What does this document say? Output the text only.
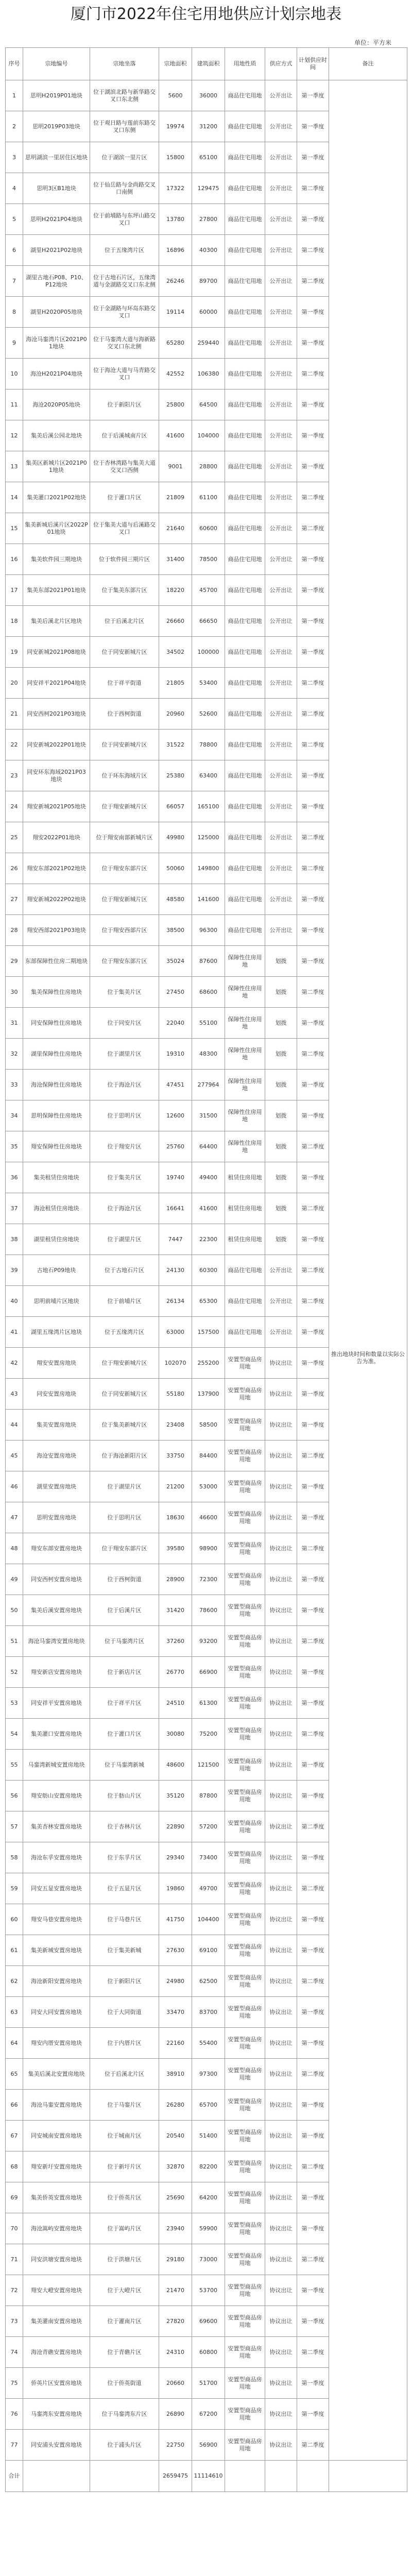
厦门市2022年住宅用地供应计划宗地表
单位：平方米
序号	宗地编号	宗地坐落	宗地面积	建筑面积	用地性质	供应方式	计划供应时间	备注
1	思明H2019P01地块	位于湖滨北路与新华路交叉口东北侧	5600	36000	商品住宅用地	公开出让	第一季度	推出地块时间和数量以实际公告为准。

2	思明2019P03地块	位于观日路与莲前东路交叉口东侧	19974	31200	商品住宅用地	公开出让	第一季度	
3	思明湖滨一里居住区地块	位于湖滨一里片区	15800	65100	商品住宅用地	公开出让	第一季度	
4	思明3区B1地块	位于仙岳路与金尚路交叉口南侧	17322	129475	商品住宅用地	公开出让	第二季度	
5	思明H2021P04地块	位于前埔路与东坪山路交叉口	13780	27800	商品住宅用地	公开出让	第一季度	
6	湖里H2021P02地块	位于五缘湾片区	16896	40300	商品住宅用地	公开出让	第二季度	
7	湖里古地石P08、P10、P12地块	位于古地石片区，五缘湾道与金湖路交叉口东北侧	26246	89700	商品住宅用地	公开出让	第二季度	
8	湖里H2020P05地块	位于金湖路与环岛东路交叉口	19114	60000	商品住宅用地	公开出让	第一季度	
9	海沧马銮湾片区2021P01地块	位于马銮湾大道与海新路交叉口东北侧	65280	259440	商品住宅用地	公开出让	第一季度	
10	海沧H2021P04地块	位于海沧大道与马青路交叉口	42552	106380	商品住宅用地	公开出让	第二季度	
11	海沧2020P05地块	位于新阳片区	25800	64500	商品住宅用地	公开出让	第一季度	
12	集美后溪公园北地块	位于后溪城南片区	41600	104000	商品住宅用地	公开出让	第一季度	
13	集美区新城片区2021P01地块	位于杏林湾路与集美大道交叉口西侧	9001	28800	商品住宅用地	公开出让	第一季度	
14	集美灌口2021P02地块	位于灌口片区	21809	61100	商品住宅用地	公开出让	第二季度	
15	集美新城后溪片区2022P01地块	位于集美大道与后溪路交叉口	21640	60600	商品住宅用地	公开出让	第二季度	
16	集美软件园三期地块	位于软件园三期片区	31400	78500	商品住宅用地	公开出让	第一季度	
17	集美东部2021P01地块	位于集美东部片区	18220	45700	商品住宅用地	公开出让	第一季度	
18	集美后溪北片区地块	位于后溪北片区	26660	66650	商品住宅用地	公开出让	第一季度	
19	同安新城2021P08地块	位于同安新城片区	34502	100000	商品住宅用地	公开出让	第一季度	
20	同安祥平2021P04地块	位于祥平街道	21805	53400	商品住宅用地	公开出让	第二季度	
21	同安西柯2021P03地块	位于西柯街道	20960	52600	商品住宅用地	公开出让	第二季度	
22	同安新城2022P01地块	位于同安新城片区	31522	78800	商品住宅用地	公开出让	第二季度	
23	同安环东海域2021P03地块	位于环东海域片区	25380	63400	商品住宅用地	公开出让	第一季度	
24	翔安新城2021P05地块	位于翔安新城片区	66057	165100	商品住宅用地	公开出让	第一季度	
25	翔安2022P01地块	位于翔安南部新城片区	49980	125000	商品住宅用地	公开出让	第二季度	
26	翔安东部2021P02地块	位于翔安东部片区	50060	149800	商品住宅用地	公开出让	第二季度	
27	翔安新城2022P02地块	位于翔安新城片区	48580	141600	商品住宅用地	公开出让	第一季度	
28	翔安西部2021P03地块	位于翔安西部片区	38500	96300	商品住宅用地	公开出让	第一季度	
29	东部保障性住房二期地块	位于翔安东部片区	35024	87600	保障性住房用地	划拨	第一季度	
30	集美保障性住房地块	位于集美片区	27450	68600	保障性住房用地	划拨	第二季度	
31	同安保障性住房地块	位于同安片区	22040	55100	保障性住房用地	划拨	第一季度	
32	湖里保障性住房地块	位于湖里片区	19310	48300	保障性住房用地	划拨	第二季度	
33	海沧保障性住房地块	位于海沧片区	47451	277964	保障性住房用地	划拨	第一季度	
34	思明保障性住房地块	位于思明片区	12600	31500	保障性住房用地	划拨	第一季度	
35	翔安保障性住房地块	位于翔安片区	25760	64400	保障性住房用地	划拨	第二季度	
36	集美租赁住房地块	位于集美片区	19740	49400	租赁住房用地	划拨	第一季度	
37	海沧租赁住房地块	位于海沧片区	16641	41600	租赁住房用地	划拨	第二季度	
38	湖里租赁住房地块	位于湖里片区	7447	22300	租赁住房用地	划拨	第一季度	
39	古地石P09地块	位于古地石片区	24130	60300	商品住宅用地	公开出让	第二季度	
40	思明前埔片区地块	位于前埔片区	26134	65300	商品住宅用地	公开出让	第二季度	
41	湖里五缘湾片区地块	位于五缘湾片区	63000	157500	商品住宅用地	公开出让	第一季度	
42	翔安安置房地块	位于翔安新城片区	102070	255200	安置型商品房用地	协议出让	第一季度	
43	同安安置房地块	位于同安新城片区	55180	137900	安置型商品房用地	协议出让	第一季度	
44	集美安置房地块	位于集美新城片区	23408	58500	安置型商品房用地	协议出让	第一季度	
45	海沧安置房地块	位于海沧新阳片区	33750	84400	安置型商品房用地	协议出让	第二季度	
46	湖里安置房地块	位于湖里片区	21200	53000	安置型商品房用地	协议出让	第一季度	
47	思明安置房地块	位于思明片区	18630	46600	安置型商品房用地	协议出让	第一季度	
48	翔安东部安置房地块	位于翔安东部片区	39580	98900	安置型商品房用地	协议出让	第二季度	
49	同安西柯安置房地块	位于西柯街道	28900	72300	安置型商品房用地	协议出让	第一季度	
50	集美后溪安置房地块	位于后溪片区	31420	78600	安置型商品房用地	协议出让	第一季度	
51	海沧马銮湾安置房地块	位于马銮湾片区	37260	93200	安置型商品房用地	协议出让	第二季度	
52	翔安新店安置房地块	位于新店片区	26770	66900	安置型商品房用地	协议出让	第一季度	
53	同安祥平安置房地块	位于祥平片区	24510	61300	安置型商品房用地	协议出让	第一季度	
54	集美灌口安置房地块	位于灌口片区	30080	75200	安置型商品房用地	协议出让	第二季度	
55	马銮湾新城安置房地块	位于马銮湾新城	48600	121500	安置型商品房用地	协议出让	第一季度	
56	翔安舫山安置房地块	位于舫山片区	35120	87800	安置型商品房用地	协议出让	第一季度	
57	集美杏林安置房地块	位于杏林片区	22890	57200	安置型商品房用地	协议出让	第二季度	
58	海沧东孚安置房地块	位于东孚片区	29340	73400	安置型商品房用地	协议出让	第一季度	
59	同安五显安置房地块	位于五显片区	19860	49700	安置型商品房用地	协议出让	第二季度	
60	翔安马巷安置房地块	位于马巷片区	41750	104400	安置型商品房用地	协议出让	第一季度	
61	集美新城安置房地块	位于集美新城	27630	69100	安置型商品房用地	协议出让	第一季度	
62	海沧新阳安置房地块	位于新阳片区	24980	62500	安置型商品房用地	协议出让	第二季度	
63	同安大同安置房地块	位于大同街道	33470	83700	安置型商品房用地	协议出让	第一季度	
64	翔安内厝安置房地块	位于内厝片区	22160	55400	安置型商品房用地	协议出让	第一季度	
65	集美后溪北安置房地块	位于后溪北片区	38910	97300	安置型商品房用地	协议出让	第二季度	
66	海沧马銮安置房地块	位于马銮片区	26280	65700	安置型商品房用地	协议出让	第一季度	
67	同安城南安置房地块	位于城南片区	20540	51400	安置型商品房用地	协议出让	第一季度	
68	翔安新圩安置房地块	位于新圩片区	32870	82200	安置型商品房用地	协议出让	第二季度	
69	集美侨英安置房地块	位于侨英片区	25690	64200	安置型商品房用地	协议出让	第一季度	
70	海沧嵩屿安置房地块	位于嵩屿片区	23940	59900	安置型商品房用地	协议出让	第一季度	
71	同安洪塘安置房地块	位于洪塘片区	29180	73000	安置型商品房用地	协议出让	第二季度	
72	翔安大嶝安置房地块	位于大嶝片区	21470	53700	安置型商品房用地	协议出让	第一季度	
73	集美灌南安置房地块	位于灌南片区	27820	69600	安置型商品房用地	协议出让	第一季度	
74	海沧青礁安置房地块	位于青礁片区	24310	60800	安置型商品房用地	协议出让	第二季度	
75	侨英片区安置房地块	位于侨英街道	20660	51700	安置型商品房用地	协议出让	第一季度	
76	马銮湾东安置房地块	位于马銮湾东片区	26890	67200	安置型商品房用地	协议出让	第一季度	
77	同安浦头安置房地块	位于浦头片区	22750	56900	安置型商品房用地	协议出让	第二季度	
合计			2659475	11114610				
